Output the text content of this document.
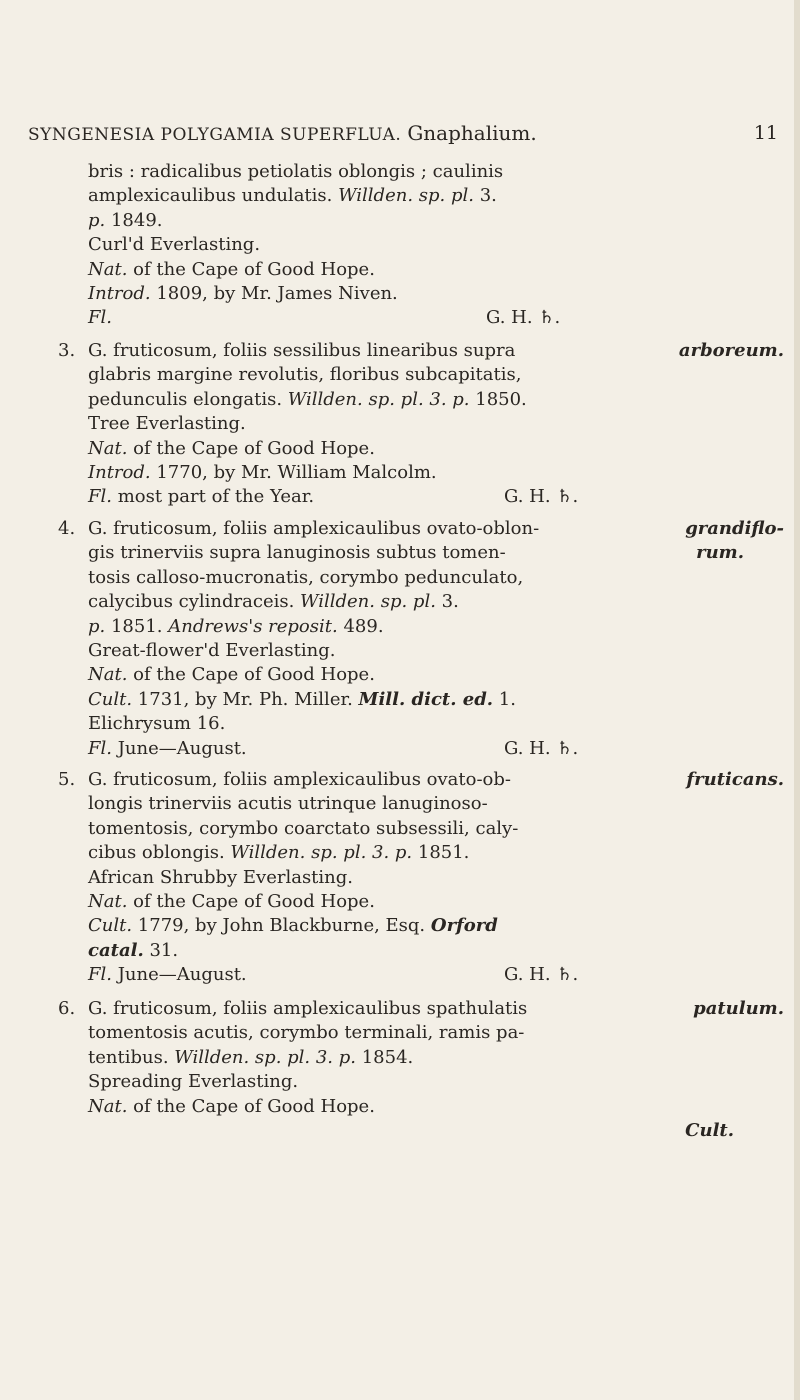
SYNGENESIA POLYGAMIA SUPERFLUA. Gnaphalium.	11
bris : radicalibus petiolatis oblongis ; caulinis
amplexicaulibus undulatis. Willden. sp. pl. 3.
p. 1849.
Curl'd Everlasting.
Nat. of the Cape of Good Hope.
Introd. 1809, by Mr. James Niven.
Fl.	G. H. ♄.
3. G. fruticosum, foliis sessilibus linearibus supra	arboreum.
glabris margine revolutis, floribus subcapitatis,
pedunculis elongatis. Willden. sp. pl. 3. p. 1850.
Tree Everlasting.
Nat. of the Cape of Good Hope.
Introd. 1770, by Mr. William Malcolm.
Fl. most part of the Year.	G. H. ♄.
4. G. fruticosum, foliis amplexicaulibus ovato-oblon-	grandiflo-
gis trinerviis supra lanuginosis subtus tomen-	rum.
tosis calloso-mucronatis, corymbo pedunculato,
calycibus cylindraceis. Willden. sp. pl. 3.
p. 1851. Andrews's reposit. 489.
Great-flower'd Everlasting.
Nat. of the Cape of Good Hope.
Cult. 1731, by Mr. Ph. Miller. Mill. dict. ed. 1.
Elichrysum 16.
Fl. June—August.	G. H. ♄.
5. G. fruticosum, foliis amplexicaulibus ovato-ob-	fruticans.
longis trinerviis acutis utrinque lanuginoso-
tomentosis, corymbo coarctato subsessili, caly-
cibus oblongis. Willden. sp. pl. 3. p. 1851.
African Shrubby Everlasting.
Nat. of the Cape of Good Hope.
Cult. 1779, by John Blackburne, Esq. Orford
catal. 31.
Fl. June—August.	G. H. ♄.
6. G. fruticosum, foliis amplexicaulibus spathulatis	patulum.
tomentosis acutis, corymbo terminali, ramis pa-
tentibus. Willden. sp. pl. 3. p. 1854.
Spreading Everlasting.
Nat. of the Cape of Good Hope.
Cult.
